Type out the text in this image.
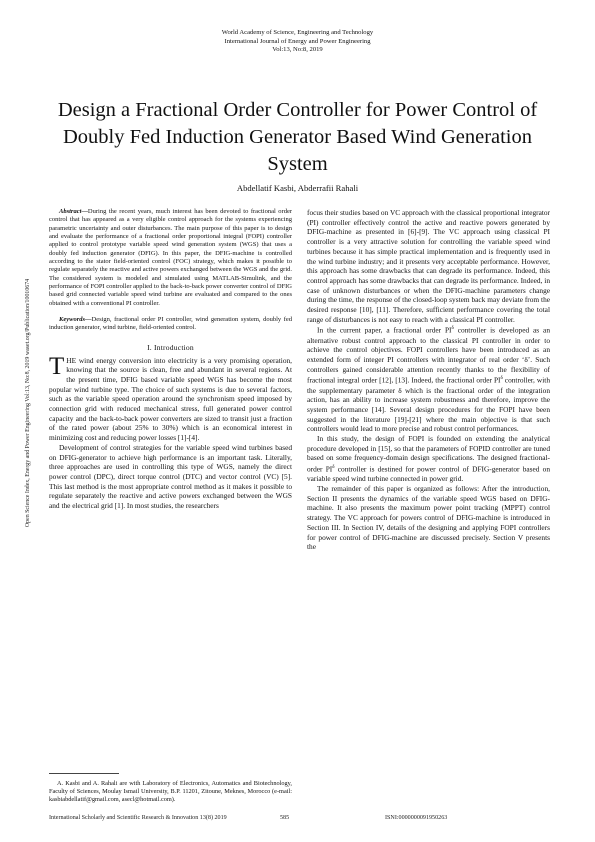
World Academy of Science, Engineering and Technology
International Journal of Energy and Power Engineering
Vol:13, No:8, 2019
Design a Fractional Order Controller for Power Control of Doubly Fed Induction Generator Based Wind Generation System
Abdellatif Kasbi, Abderrafii Rahali
Open Science Index, Energy and Power Engineering Vol:13, No:8, 2019 waset.org/Publication/10010674

Abstract—During the recent years, much interest has been devoted to fractional order control that has appeared as a very eligible control approach for the systems experiencing parametric uncertainty and outer disturbances. The main purpose of this paper is to design and evaluate the performance of a fractional order proportional integral (FOPI) controller applied to control prototype variable speed wind generation system (WGS) that uses a doubly fed induction generator (DFIG). In this paper, the DFIG-machine is controlled according to the stator field-oriented control (FOC) strategy, which makes it possible to regulate separately the reactive and active powers exchanged between the WGS and the grid. The considered system is modeled and simulated using MATLAB-Simulink, and the performance of FOPI controller applied to the back-to-back power converter control of DFIG based grid connected variable speed wind turbine are evaluated and compared to the ones obtained with a conventional PI controller.

Keywords—Design, fractional order PI controller, wind generation system, doubly fed induction generator, wind turbine, field-oriented control.

I. Introduction

THE wind energy conversion into electricity is a very promising operation, knowing that the source is clean, free and abundant in several regions. At the present time, DFIG based variable speed WGS has become the most popular wind turbine type. The choice of such systems is due to several factors, such as the variable speed operation around the synchronism speed imposed by connection grid with reduced mechanical stress, full generated power control capacity and the back-to-back power converters are sized to transit just a fraction of the rated power (about 25% to 30%) which is an economical interest in minimizing cost and reducing power losses [1]-[4].

Development of control strategies for the variable speed wind turbines based on DFIG-generator to achieve high performance is an important task. Literally, three approaches are used in controlling this type of WGS, namely the direct power control (DPC), direct torque control (DTC) and vector control (VC) [5]. This last method is the most appropriate control method as it makes it possible to regulate separately the reactive and active powers exchanged between the WGS and the electrical grid [1]. In most studies, the researchers

A. Kasbi and A. Rahali are with Laboratory of Electronics, Automatics and Biotechnology, Faculty of Sciences, Moulay Ismail University, B.P. 11201, Zitoune, Meknes, Morocco (e-mail: kasbiabdellatif@gmail.com, asecl@hotmail.com).

focus their studies based on VC approach with the classical proportional integrator (PI) controller effectively control the active and reactive powers generated by DFIG-machine as presented in [6]-[9]. The VC approach using classical PI controller is a very attractive solution for controlling the variable speed wind turbines because it has simple practical implementation and is frequently used in the wind turbine industry; and it presents very acceptable performance. However, this approach has some drawbacks that can degrade its performance. Indeed, this control approach has some drawbacks that can degrade its performance. Indeed, in case of unknown disturbances or when the DFIG-machine parameters change during the time, the response of the closed-loop system back may deviate from the desired response [10], [11]. Therefore, sufficient performance covering the total range of disturbances is not easy to reach with a classical PI controller.

In the current paper, a fractional order $PI^\delta$ controller is developed as an alternative robust control approach to the classical PI controller in order to achieve the control objectives. FOPI controllers have been introduced as an extended form of integer PI controllers with integrator of real order ‘δ’. Such controllers gained considerable attention recently thanks to the flexibility of fractional integral order [12], [13]. Indeed, the fractional order $PI^\delta$ controller, with the supplementary parameter δ which is the fractional order of the integration action, has an ability to increase system robustness and therefore, improve the system performance [14]. Several design procedures for the FOPI have been suggested in the literature [19]-[21] where the main objective is that such controllers would lead to more precise and robust control performances.

In this study, the design of FOPI is founded on extending the analytical procedure developed in [15], so that the parameters of FOPID controller are tuned based on some frequency-domain design specifications. The designed fractional-order $PI^\delta$ controller is destined for power control of DFIG-generator based on variable speed wind turbine connected in power grid.

The remainder of this paper is organized as follows: After the introduction, Section II presents the dynamics of the variable speed WGS based on DFIG-machine. It also presents the maximum power point tracking (MPPT) control strategy. The VC approach for powers control of DFIG-machine is introduced in Section III. In Section IV, details of the designing and applying FOPI controllers for power control of DFIG-machine are discussed precisely. Section V presents the

International Scholarly and Scientific Research & Innovation 13(8) 2019	585	ISNI:0000000091950263
